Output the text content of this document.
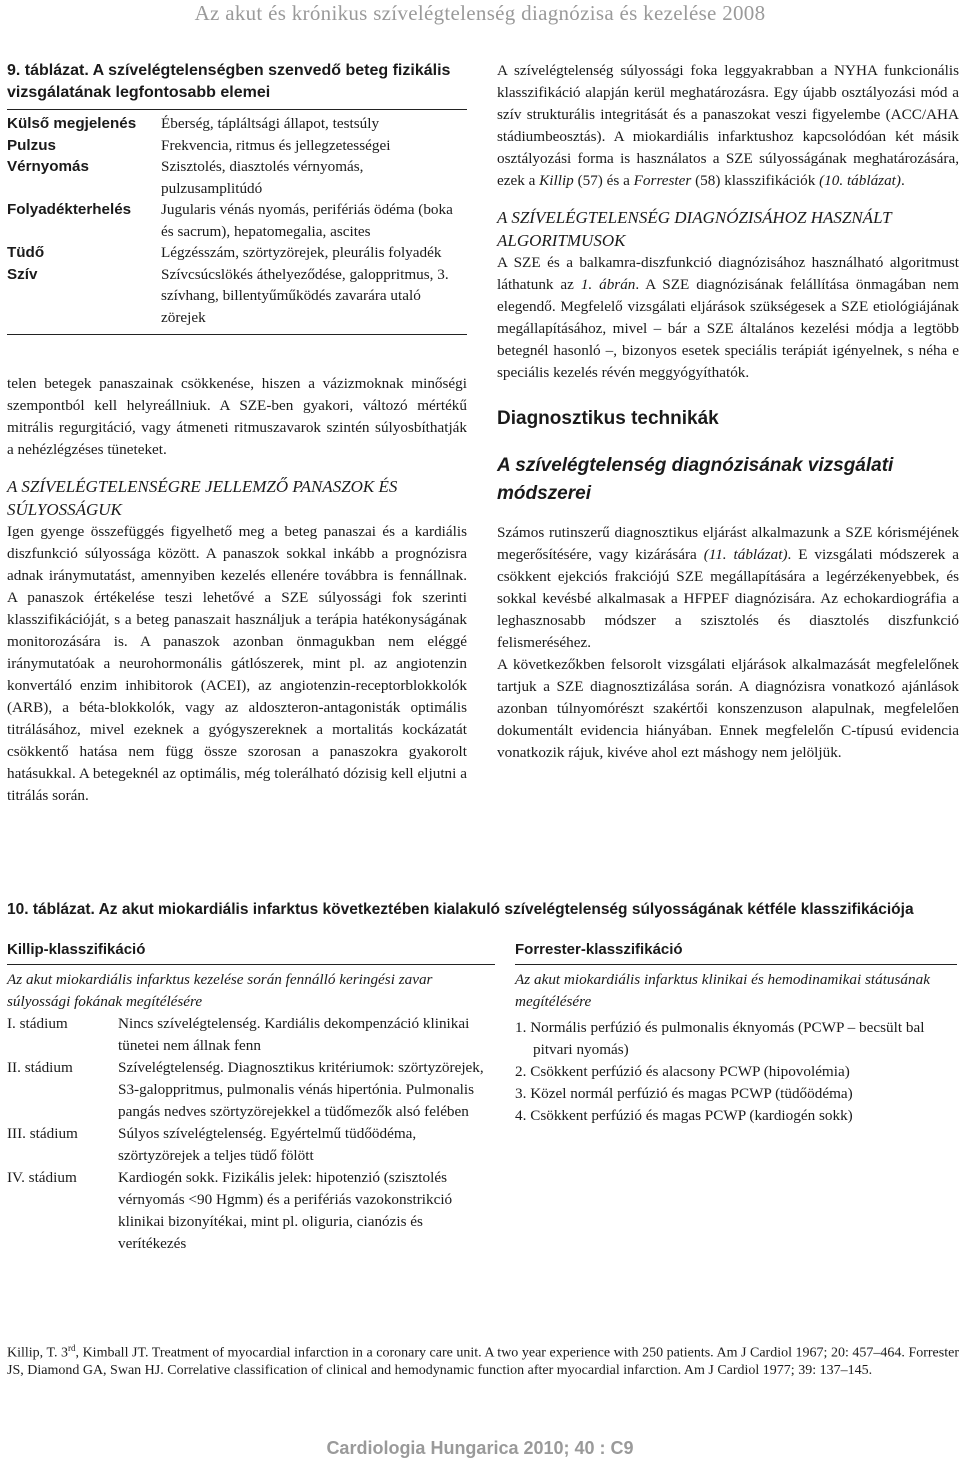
Az akut és krónikus szívelégtelenség diagnózisa és kezelése 2008
9. táblázat. A szívelégtelenségben szenvedő beteg fizikális vizsgálatának legfontosabb elemei
Külső megjelenés	Éberség, tápláltsági állapot, testsúly
Pulzus	Frekvencia, ritmus és jellegzetességei
Vérnyomás	Szisztolés, diasztolés vérnyomás, pulzusamplitúdó
Folyadékterhelés	Jugularis vénás nyomás, perifériás ödéma (boka és sacrum), hepatomegalia, ascites
Tüdő	Légzésszám, szörtyzörejek, pleurális folyadék
Szív	Szívcsúcslökés áthelyeződése, galoppritmus, 3. szívhang, billentyűműködés zavarára utaló zörejek

telen betegek panaszainak csökkenése, hiszen a vázizmoknak minőségi szempontból kell helyreállniuk. A SZE-ben gyakori, változó mértékű mitrális regurgitáció, vagy átmeneti ritmuszavarok szintén súlyosbíthatják a nehézlégzéses tüneteket.

A SZÍVELÉGTELENSÉGRE JELLEMZŐ PANASZOK ÉS SÚLYOSSÁGUK

Igen gyenge összefüggés figyelhető meg a beteg panaszai és a kardiális diszfunkció súlyossága között. A panaszok sokkal inkább a prognózisra adnak iránymutatást, amennyiben kezelés ellenére továbbra is fennállnak. A panaszok értékelése teszi lehetővé a SZE súlyossági fok szerinti klasszifikációját, s a beteg panaszait használjuk a terápia hatékonyságának monitorozására is. A panaszok azonban önmagukban nem eléggé iránymutatóak a neurohormonális gátlószerek, mint pl. az angiotenzin konvertáló enzim inhibitorok (ACEI), az angiotenzin-receptorblokkolók (ARB), a béta-blokkolók, vagy az aldoszteron-antagonisták optimális titrálásához, mivel ezeknek a gyógyszereknek a mortalitás kockázatát csökkentő hatása nem függ össze szorosan a panaszokra gyakorolt hatásukkal. A betegeknél az optimális, még tolerálható dózisig kell eljutni a titrálás során.

A szívelégtelenség súlyossági foka leggyakrabban a NYHA funkcionális klasszifikáció alapján kerül meghatározásra. Egy újabb osztályozási mód a szív strukturális integritását és a panaszokat veszi figyelembe (ACC/AHA stádiumbeosztás). A miokardiális infarktushoz kapcsolódóan két másik osztályozási forma is használatos a SZE súlyosságának meghatározására, ezek a Killip (57) és a Forrester (58) klasszifikációk (10. táblázat).

A SZÍVELÉGTELENSÉG DIAGNÓZISÁHOZ HASZNÁLT ALGORITMUSOK

A SZE és a balkamra-diszfunkció diagnózisához használható algoritmust láthatunk az 1. ábrán. A SZE diagnózisának felállítása önmagában nem elegendő. Megfelelő vizsgálati eljárások szükségesek a SZE etiológiájának megállapításához, mivel – bár a SZE általános kezelési módja a legtöbb betegnél hasonló –, bizonyos esetek speciális terápiát igényelnek, s néha e speciális kezelés révén meggyógyíthatók.

Diagnosztikus technikák
A szívelégtelenség diagnózisának vizsgálati módszerei

Számos rutinszerű diagnosztikus eljárást alkalmazunk a SZE kórisméjének megerősítésére, vagy kizárására (11. táblázat). E vizsgálati módszerek a csökkent ejekciós frakciójú SZE megállapítására a legérzékenyebbek, és sokkal kevésbé alkalmasak a HFPEF diagnózisára. Az echokardiográfia a leghasznosabb módszer a szisztolés és diasztolés diszfunkció felismeréséhez.

A következőkben felsorolt vizsgálati eljárások alkalmazását megfelelőnek tartjuk a SZE diagnosztizálása során. A diagnózisra vonatkozó ajánlások azonban túlnyomórészt szakértői konszenzuson alapulnak, megfelelően dokumentált evidencia hiányában. Ennek megfelelőn C-típusú evidencia vonatkozik rájuk, kivéve ahol ezt máshogy nem jelöljük.

10. táblázat. Az akut miokardiális infarktus következtében kialakuló szívelégtelenség súlyosságának kétféle klasszifikációja
Killip-klasszifikáció
Az akut miokardiális infarktus kezelése során fennálló keringési zavar súlyossági fokának megítélésére
I. stádium	Nincs szívelégtelenség. Kardiális dekompenzáció klinikai tünetei nem állnak fenn
II. stádium	Szívelégtelenség. Diagnosztikus kritériumok: szörtyzörejek, S3-galoppritmus, pulmonalis vénás hipertónia. Pulmonalis pangás nedves szörtyzörejekkel a tüdőmezők alsó felében
III. stádium	Súlyos szívelégtelenség. Egyértelmű tüdőödéma, szörtyzörejek a teljes tüdő fölött
IV. stádium	Kardiogén sokk. Fizikális jelek: hipotenzió (szisztolés vérnyomás <90 Hgmm) és a perifériás vazokonstrikció klinikai bizonyítékai, mint pl. oliguria, cianózis és verítékezés
Forrester-klasszifikáció
Az akut miokardiális infarktus klinikai és hemodinamikai státusának megítélésére
1. Normális perfúzió és pulmonalis éknyomás (PCWP – becsült bal pitvari nyomás)
2. Csökkent perfúzió és alacsony PCWP (hipovolémia)
3. Közel normál perfúzió és magas PCWP (tüdőödéma)
4. Csökkent perfúzió és magas PCWP (kardiogén sokk)
Killip, T. 3rd, Kimball JT. Treatment of myocardial infarction in a coronary care unit. A two year experience with 250 patients. Am J Cardiol 1967; 20: 457–464. Forrester JS, Diamond GA, Swan HJ. Correlative classification of clinical and hemodynamic function after myocardial infarction. Am J Cardiol 1977; 39: 137–145.
Cardiologia Hungarica 2010; 40 : C9
